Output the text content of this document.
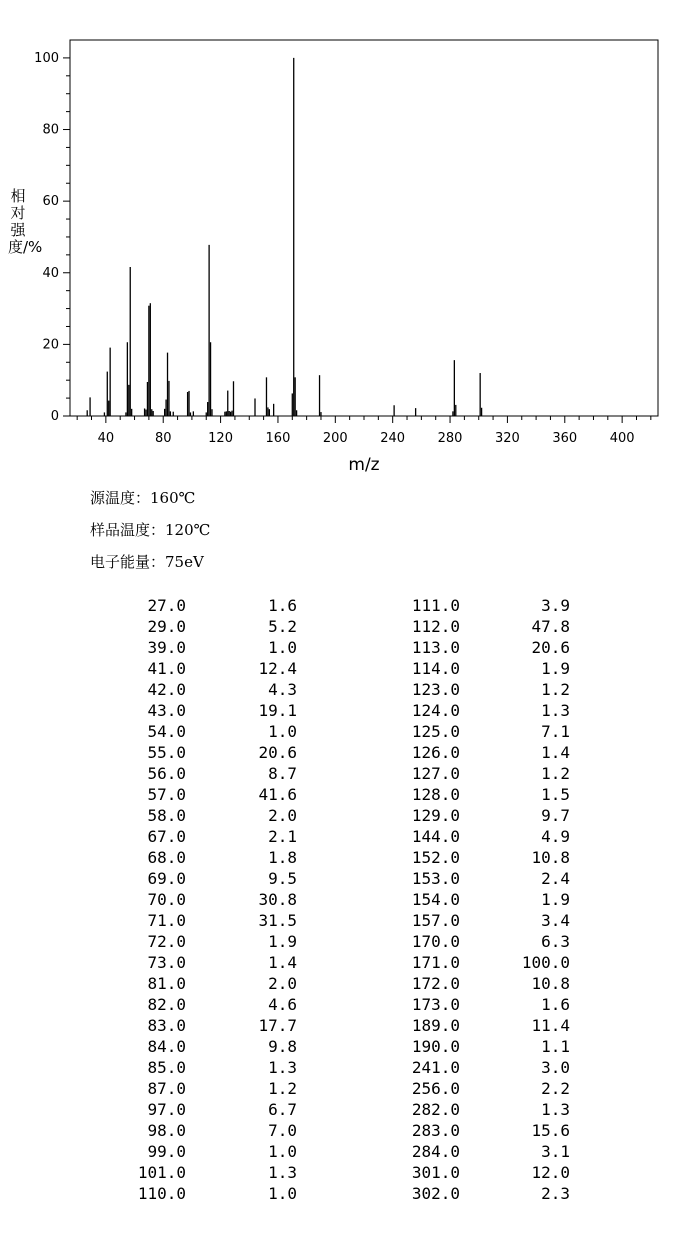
0
20
40
60
80
100
40	80	120	160	200	240	280	320	360	400
m/z
相对强度/%
源温度：160℃
样品温度：120℃
电子能量：75eV
27.0	1.6	111.0	3.9
29.0	5.2	112.0	47.8
39.0	1.0	113.0	20.6
41.0	12.4	114.0	1.9
42.0	4.3	123.0	1.2
43.0	19.1	124.0	1.3
54.0	1.0	125.0	7.1
55.0	20.6	126.0	1.4
56.0	8.7	127.0	1.2
57.0	41.6	128.0	1.5
58.0	2.0	129.0	9.7
67.0	2.1	144.0	4.9
68.0	1.8	152.0	10.8
69.0	9.5	153.0	2.4
70.0	30.8	154.0	1.9
71.0	31.5	157.0	3.4
72.0	1.9	170.0	6.3
73.0	1.4	171.0	100.0
81.0	2.0	172.0	10.8
82.0	4.6	173.0	1.6
83.0	17.7	189.0	11.4
84.0	9.8	190.0	1.1
85.0	1.3	241.0	3.0
87.0	1.2	256.0	2.2
97.0	6.7	282.0	1.3
98.0	7.0	283.0	15.6
99.0	1.0	284.0	3.1
101.0	1.3	301.0	12.0
110.0	1.0	302.0	2.3
